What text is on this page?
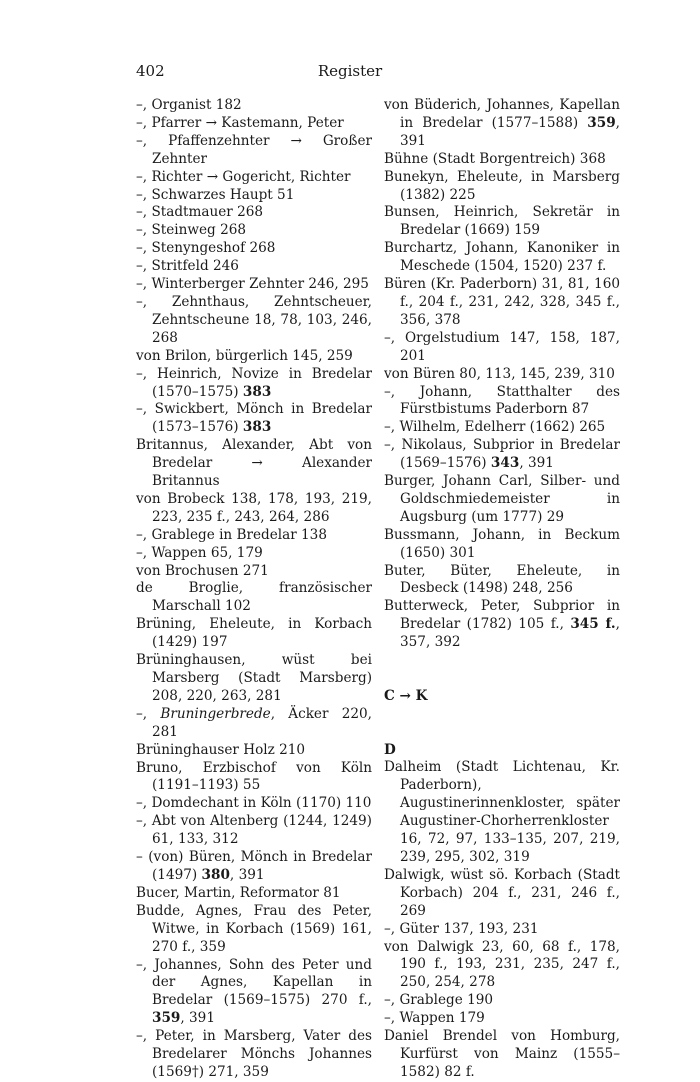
402	Register
–, Organist 182
–, Pfarrer → Kastemann, Peter
–, Pfaffenzehnter → Großer Zehnter
–, Richter → Gogericht, Richter
–, Schwarzes Haupt 51
–, Stadtmauer 268
–, Steinweg 268
–, Stenyngeshof 268
–, Stritfeld 246
–, Winterberger Zehnter 246, 295
–, Zehnthaus, Zehntscheuer, Zehntscheune 18, 78, 103, 246, 268
von Brilon, bürgerlich 145, 259
–, Heinrich, Novize in Bredelar (1570–1575) 383
–, Swickbert, Mönch in Bredelar (1573–1576) 383
Britannus, Alexander, Abt von Bredelar → Alexander Britannus
von Brobeck 138, 178, 193, 219, 223, 235 f., 243, 264, 286
–, Grablege in Bredelar 138
–, Wappen 65, 179
von Brochusen 271
de Broglie, französischer Marschall 102
Brüning, Eheleute, in Korbach (1429) 197
Brüninghausen, wüst bei Marsberg (Stadt Marsberg) 208, 220, 263, 281
–, Bruningerbrede, Äcker 220, 281
Brüninghauser Holz 210
Bruno, Erzbischof von Köln (1191–1193) 55
–, Domdechant in Köln (1170) 110
–, Abt von Altenberg (1244, 1249) 61, 133, 312
– (von) Büren, Mönch in Bredelar (1497) 380, 391
Bucer, Martin, Reformator 81
Budde, Agnes, Frau des Peter, Witwe, in Korbach (1569) 161, 270 f., 359
–, Johannes, Sohn des Peter und der Agnes, Kapellan in Bredelar (1569–1575) 270 f., 359, 391
–, Peter, in Marsberg, Vater des Bredelarer Mönchs Johannes (1569†) 271, 359
von Büderich, Johannes, Kapellan in Bredelar (1577–1588) 359, 391
Bühne (Stadt Borgentreich) 368
Bunekyn, Eheleute, in Marsberg (1382) 225
Bunsen, Heinrich, Sekretär in Bredelar (1669) 159
Burchartz, Johann, Kanoniker in Meschede (1504, 1520) 237 f.
Büren (Kr. Paderborn) 31, 81, 160 f., 204 f., 231, 242, 328, 345 f., 356, 378
–, Orgelstudium 147, 158, 187, 201
von Büren 80, 113, 145, 239, 310
–, Johann, Statthalter des Fürstbistums Paderborn 87
–, Wilhelm, Edelherr (1662) 265
–, Nikolaus, Subprior in Bredelar (1569–1576) 343, 391
Burger, Johann Carl, Silber- und Goldschmiedemeister in Augsburg (um 1777) 29
Bussmann, Johann, in Beckum (1650) 301
Buter, Büter, Eheleute, in Desbeck (1498) 248, 256
Butterweck, Peter, Subprior in Bredelar (1782) 105 f., 345 f., 357, 392
C → K
D
Dalheim (Stadt Lichtenau, Kr. Paderborn), Augustinerinnenkloster, später Augustiner-Chorherrenkloster 16, 72, 97, 133–135, 207, 219, 239, 295, 302, 319
Dalwigk, wüst sö. Korbach (Stadt Korbach) 204 f., 231, 246 f., 269
–, Güter 137, 193, 231
von Dalwigk 23, 60, 68 f., 178, 190 f., 193, 231, 235, 247 f., 250, 254, 278
–, Grablege 190
–, Wappen 179
Daniel Brendel von Homburg, Kurfürst von Mainz (1555–1582) 82 f.
